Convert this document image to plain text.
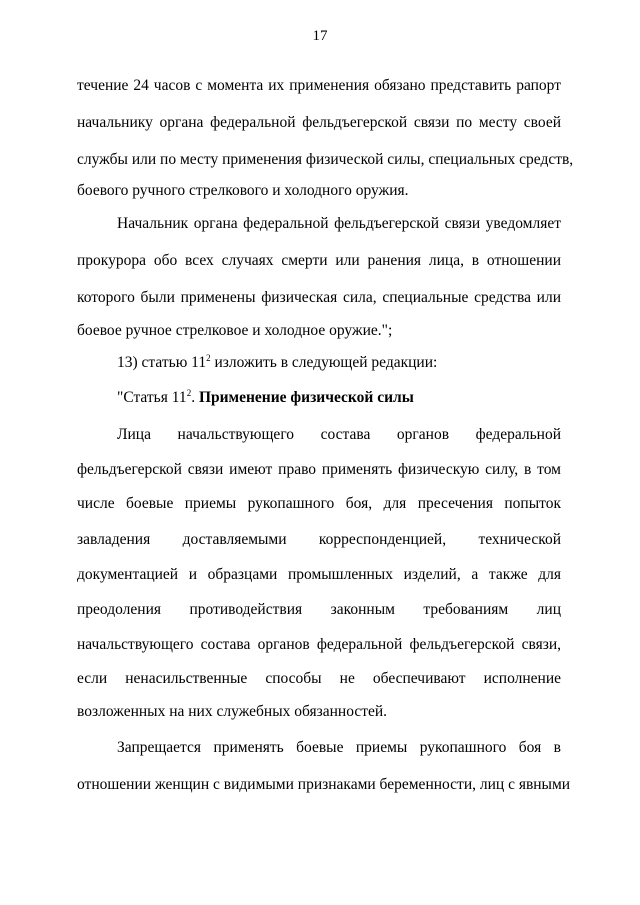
17
течение 24 часов с момента их применения обязано представить рапорт
начальнику органа федеральной фельдъегерской связи по месту своей
службы или по месту применения физической силы, специальных средств,
боевого ручного стрелкового и холодного оружия.
Начальник органа федеральной фельдъегерской связи уведомляет
прокурора обо всех случаях смерти или ранения лица, в отношении
которого были применены физическая сила, специальные средства или
боевое ручное стрелковое и холодное оружие.";
13) статью $11^2$ изложить в следующей редакции:
"Статья $11^2$. Применение физической силы
Лица начальствующего состава органов федеральной
фельдъегерской связи имеют право применять физическую силу, в том
числе боевые приемы рукопашного боя, для пресечения попыток
завладения доставляемыми корреспонденцией, технической
документацией и образцами промышленных изделий, а также для
преодоления противодействия законным требованиям лиц
начальствующего состава органов федеральной фельдъегерской связи,
если ненасильственные способы не обеспечивают исполнение
возложенных на них служебных обязанностей.
Запрещается применять боевые приемы рукопашного боя в
отношении женщин с видимыми признаками беременности, лиц с явными
